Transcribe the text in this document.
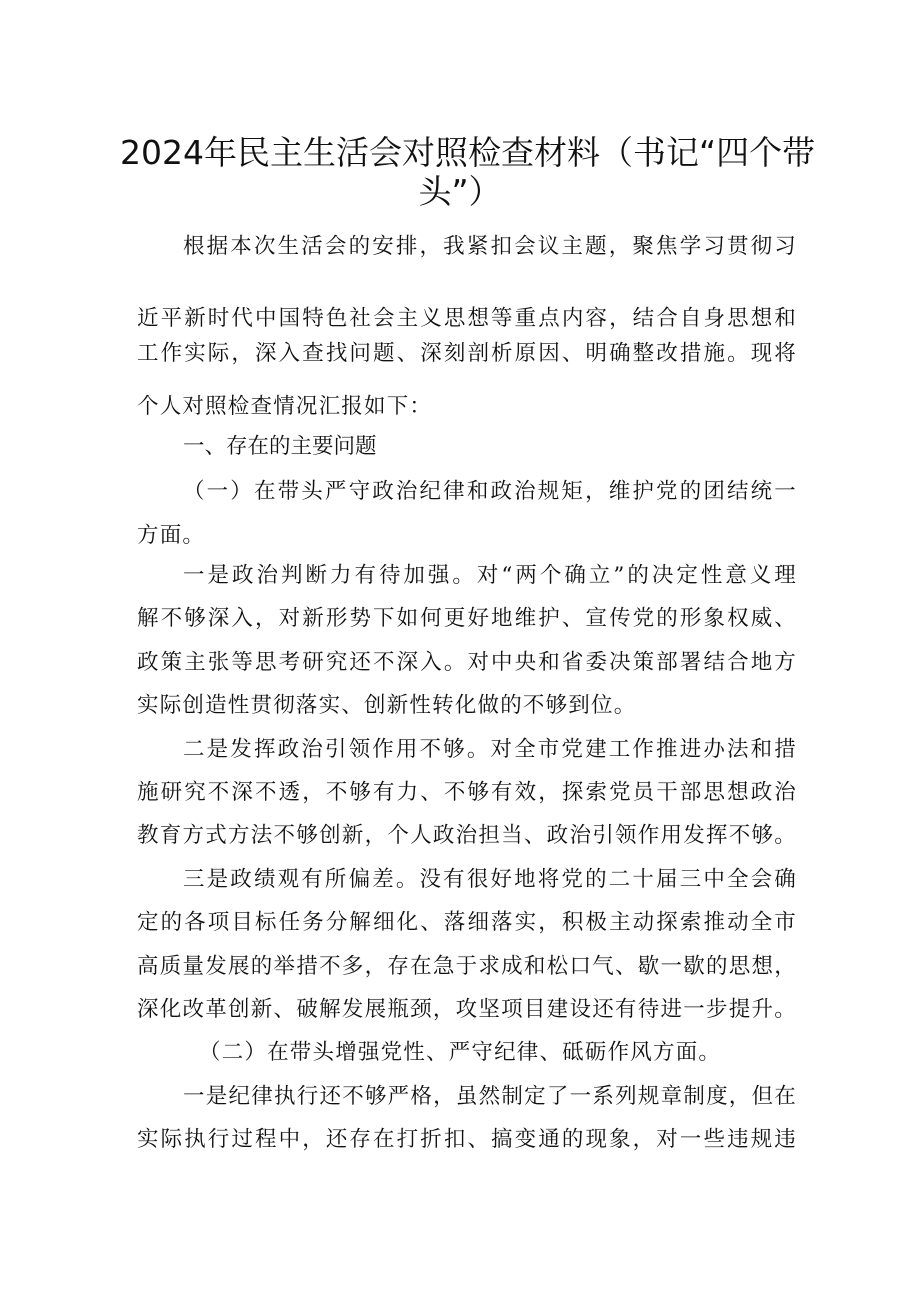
2024年民主生活会对照检查材料（书记“四个带
头”）
根据本次生活会的安排，我紧扣会议主题，聚焦学习贯彻习
近平新时代中国特色社会主义思想等重点内容，结合自身思想和
工作实际，深入查找问题、深刻剖析原因、明确整改措施。现将
个人对照检查情况汇报如下：
一、存在的主要问题
（一）在带头严守政治纪律和政治规矩，维护党的团结统一
方面。
一是政治判断力有待加强。对“两个确立”的决定性意义理
解不够深入，对新形势下如何更好地维护、宣传党的形象权威、
政策主张等思考研究还不深入。对中央和省委决策部署结合地方
实际创造性贯彻落实、创新性转化做的不够到位。
二是发挥政治引领作用不够。对全市党建工作推进办法和措
施研究不深不透，不够有力、不够有效，探索党员干部思想政治
教育方式方法不够创新，个人政治担当、政治引领作用发挥不够。
三是政绩观有所偏差。没有很好地将党的二十届三中全会确
定的各项目标任务分解细化、落细落实，积极主动探索推动全市
高质量发展的举措不多，存在急于求成和松口气、歇一歇的思想，
深化改革创新、破解发展瓶颈，攻坚项目建设还有待进一步提升。
（二）在带头增强党性、严守纪律、砥砺作风方面。
一是纪律执行还不够严格，虽然制定了一系列规章制度，但在
实际执行过程中，还存在打折扣、搞变通的现象，对一些违规违
